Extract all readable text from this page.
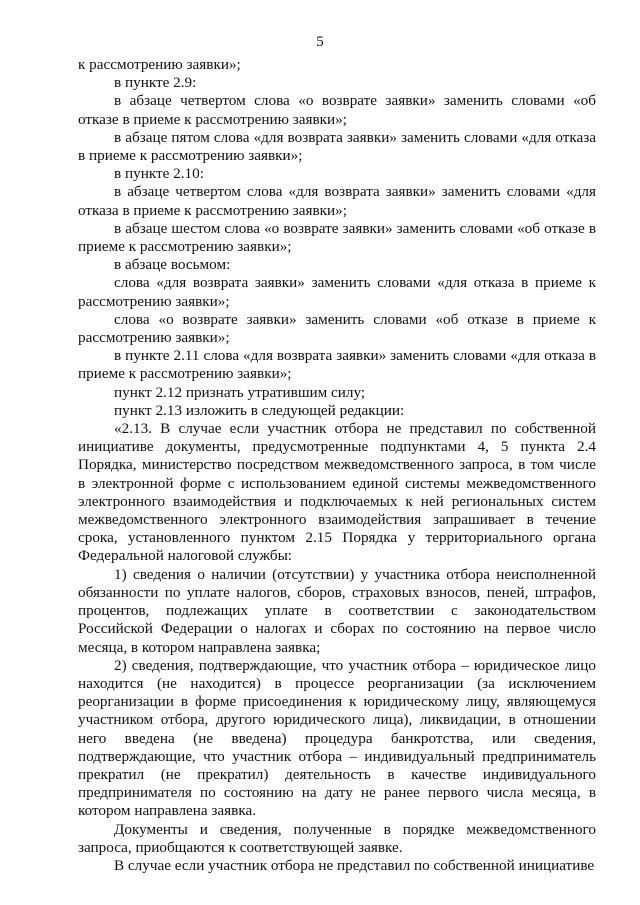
5

к рассмотрению заявки»;

в пункте 2.9:

в абзаце четвертом слова «о возврате заявки» заменить словами «об отказе в приеме к рассмотрению заявки»;

в абзаце пятом слова «для возврата заявки» заменить словами «для отказа в приеме к рассмотрению заявки»;

в пункте 2.10:

в абзаце четвертом слова «для возврата заявки» заменить словами «для отказа в приеме к рассмотрению заявки»;

в абзаце шестом слова «о возврате заявки» заменить словами «об отказе в приеме к рассмотрению заявки»;

в абзаце восьмом:

слова «для возврата заявки» заменить словами «для отказа в приеме к рассмотрению заявки»;

слова «о возврате заявки» заменить словами «об отказе в приеме к рассмотрению заявки»;

в пункте 2.11 слова «для возврата заявки» заменить словами «для отказа в приеме к рассмотрению заявки»;

пункт 2.12 признать утратившим силу;

пункт 2.13 изложить в следующей редакции:

«2.13. В случае если участник отбора не представил по собственной инициативе документы, предусмотренные подпунктами 4, 5 пункта 2.4 Порядка, министерство посредством межведомственного запроса, в том числе в электронной форме с использованием единой системы межведомственного электронного взаимодействия и подключаемых к ней региональных систем межведомственного электронного взаимодействия запрашивает в течение срока, установленного пунктом 2.15 Порядка у территориального органа Федеральной налоговой службы:

1) сведения о наличии (отсутствии) у участника отбора неисполненной обязанности по уплате налогов, сборов, страховых взносов, пеней, штрафов, процентов, подлежащих уплате в соответствии с законодательством Российской Федерации о налогах и сборах по состоянию на первое число месяца, в котором направлена заявка;

2) сведения, подтверждающие, что участник отбора – юридическое лицо находится (не находится) в процессе реорганизации (за исключением реорганизации в форме присоединения к юридическому лицу, являющемуся участником отбора, другого юридического лица), ликвидации, в отношении него введена (не введена) процедура банкротства, или сведения, подтверждающие, что участник отбора – индивидуальный предприниматель прекратил (не прекратил) деятельность в качестве индивидуального предпринимателя по состоянию на дату не ранее первого числа месяца, в котором направлена заявка.

Документы и сведения, полученные в порядке межведомственного запроса, приобщаются к соответствующей заявке.

В случае если участник отбора не представил по собственной инициативе
